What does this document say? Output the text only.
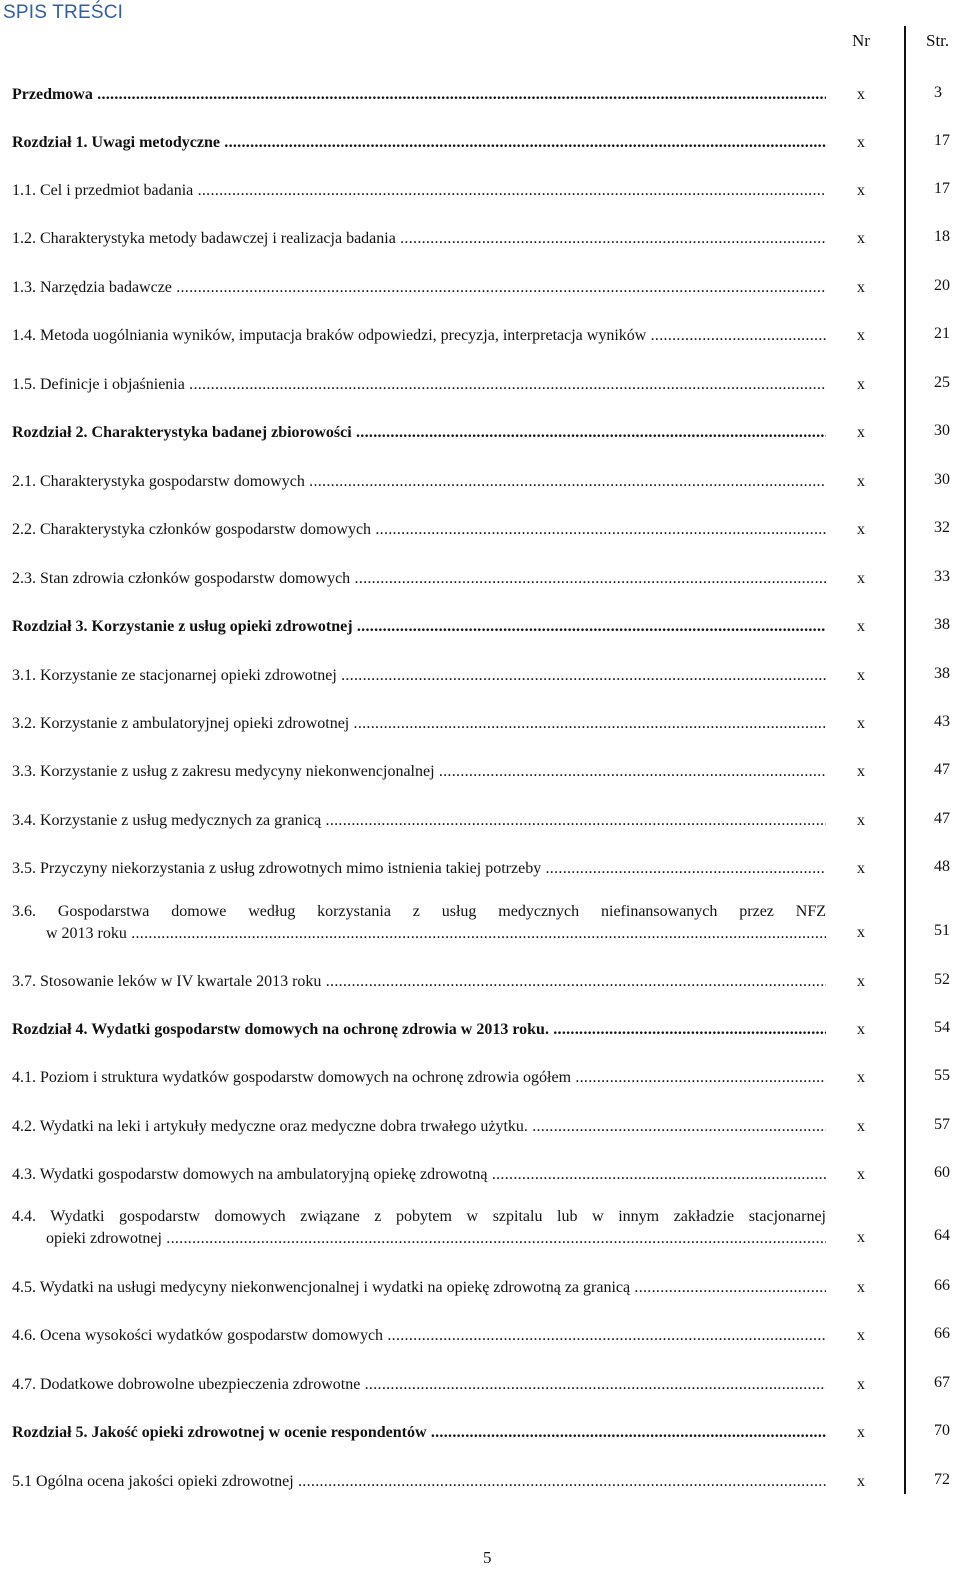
SPIS TREŚCI
Nr	Str.
Przedmowa .....	x	3
Rozdział 1. Uwagi metodyczne .....	x	17
1.1. Cel i przedmiot badania .....	x	17
1.2. Charakterystyka metody badawczej i realizacja badania .....	x	18
1.3. Narzędzia badawcze .....	x	20
1.4. Metoda uogólniania wyników, imputacja braków odpowiedzi, precyzja, interpretacja wyników .....	x	21
1.5. Definicje i objaśnienia .....	x	25
Rozdział 2. Charakterystyka badanej zbiorowości .....	x	30
2.1. Charakterystyka gospodarstw domowych .....	x	30
2.2. Charakterystyka członków gospodarstw domowych .....	x	32
2.3. Stan zdrowia członków gospodarstw domowych .....	x	33
Rozdział 3. Korzystanie z usług opieki zdrowotnej .....	x	38
3.1. Korzystanie ze stacjonarnej opieki zdrowotnej .....	x	38
3.2. Korzystanie z ambulatoryjnej opieki zdrowotnej .....	x	43
3.3. Korzystanie z usług z zakresu medycyny niekonwencjonalnej .....	x	47
3.4. Korzystanie z usług medycznych za granicą .....	x	47
3.5. Przyczyny niekorzystania z usług zdrowotnych mimo istnienia takiej potrzeby .....	x	48
3.6. Gospodarstwa domowe według korzystania z usług medycznych niefinansowanych przez NFZ
w 2013 roku .....	x	51
3.7. Stosowanie leków w IV kwartale 2013 roku .....	x	52
Rozdział 4. Wydatki gospodarstw domowych na ochronę zdrowia w 2013 roku. .....	x	54
4.1. Poziom i struktura wydatków gospodarstw domowych na ochronę zdrowia ogółem .....	x	55
4.2. Wydatki na leki i artykuły medyczne oraz medyczne dobra trwałego użytku. .....	x	57
4.3. Wydatki gospodarstw domowych na ambulatoryjną opiekę zdrowotną .....	x	60
4.4. Wydatki gospodarstw domowych związane z pobytem w szpitalu lub w innym zakładzie stacjonarnej
opieki zdrowotnej .....	x	64
4.5. Wydatki na usługi medycyny niekonwencjonalnej i wydatki na opiekę zdrowotną za granicą .....	x	66
4.6. Ocena wysokości wydatków gospodarstw domowych .....	x	66
4.7. Dodatkowe dobrowolne ubezpieczenia zdrowotne .....	x	67
Rozdział 5. Jakość opieki zdrowotnej w ocenie respondentów .....	x	70
5.1 Ogólna ocena jakości opieki zdrowotnej .....	x	72
5
